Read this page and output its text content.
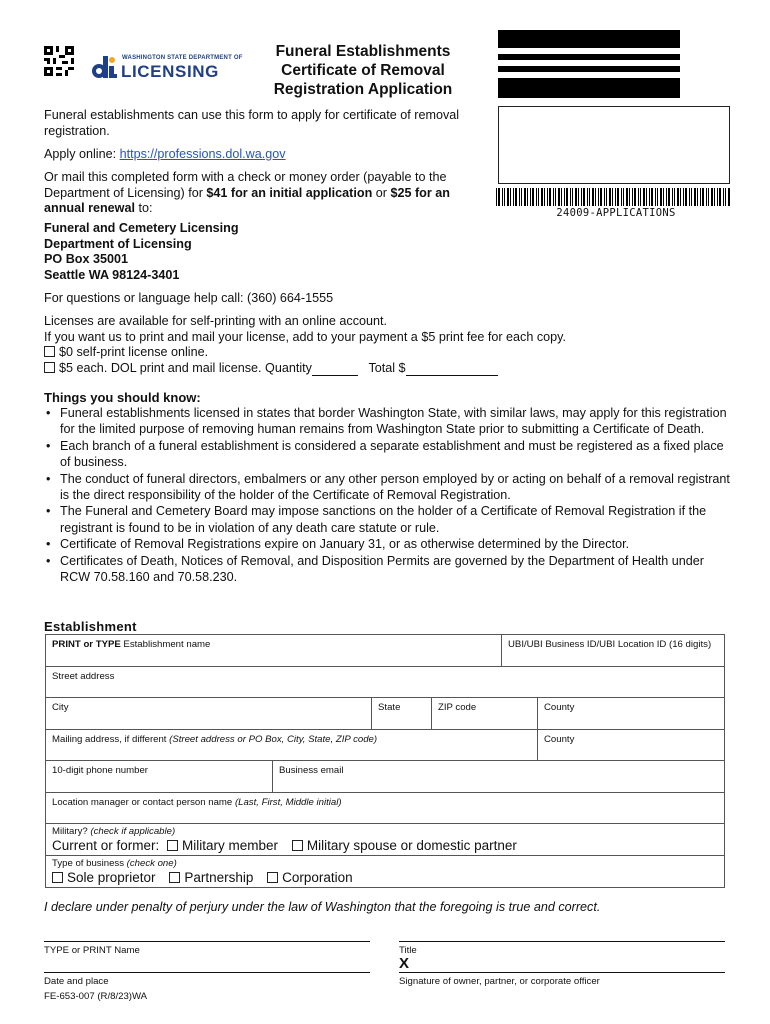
WASHINGTON STATE DEPARTMENT OF
LICENSING
Funeral Establishments
Certificate of Removal
Registration Application
24009-APPLICATIONS
Funeral establishments can use this form to apply for certificate of removal registration.
Apply online: https://professions.dol.wa.gov
Or mail this completed form with a check or money order (payable to the Department of Licensing) for $41 for an initial application or $25 for an annual renewal to:
Funeral and Cemetery Licensing
Department of Licensing
PO Box 35001
Seattle WA 98124-3401
For questions or language help call: (360) 664-1555
Licenses are available for self-printing with an online account.
If you want us to print and mail your license, add to your payment a $5 print fee for each copy.
$0 self-print license online.
$5 each. DOL print and mail license. Quantity	Total $
Things you should know:
• Funeral establishments licensed in states that border Washington State, with similar laws, may apply for this registration for the limited purpose of removing human remains from Washington State prior to submitting a Certificate of Death.
• Each branch of a funeral establishment is considered a separate establishment and must be registered as a fixed place of business.
• The conduct of funeral directors, embalmers or any other person employed by or acting on behalf of a removal registrant is the direct responsibility of the holder of the Certificate of Removal Registration.
• The Funeral and Cemetery Board may impose sanctions on the holder of a Certificate of Removal Registration if the registrant is found to be in violation of any death care statute or rule.
• Certificate of Removal Registrations expire on January 31, or as otherwise determined by the Director.
• Certificates of Death, Notices of Removal, and Disposition Permits are governed by the Department of Health under RCW 70.58.160 and 70.58.230.
Establishment
PRINT or TYPE Establishment name	UBI/UBI Business ID/UBI Location ID (16 digits)
Street address
City	State	ZIP code	County
Mailing address, if different (Street address or PO Box, City, State, ZIP code)	County
10-digit phone number	Business email
Location manager or contact person name (Last, First, Middle initial)
Military? (check if applicable)
Current or former: Military member Military spouse or domestic partner
Type of business (check one)
Sole proprietor Partnership Corporation
I declare under penalty of perjury under the law of Washington that the foregoing is true and correct.
TYPE or PRINT Name	Title
X
Date and place	Signature of owner, partner, or corporate officer
FE-653-007 (R/8/23)WA
